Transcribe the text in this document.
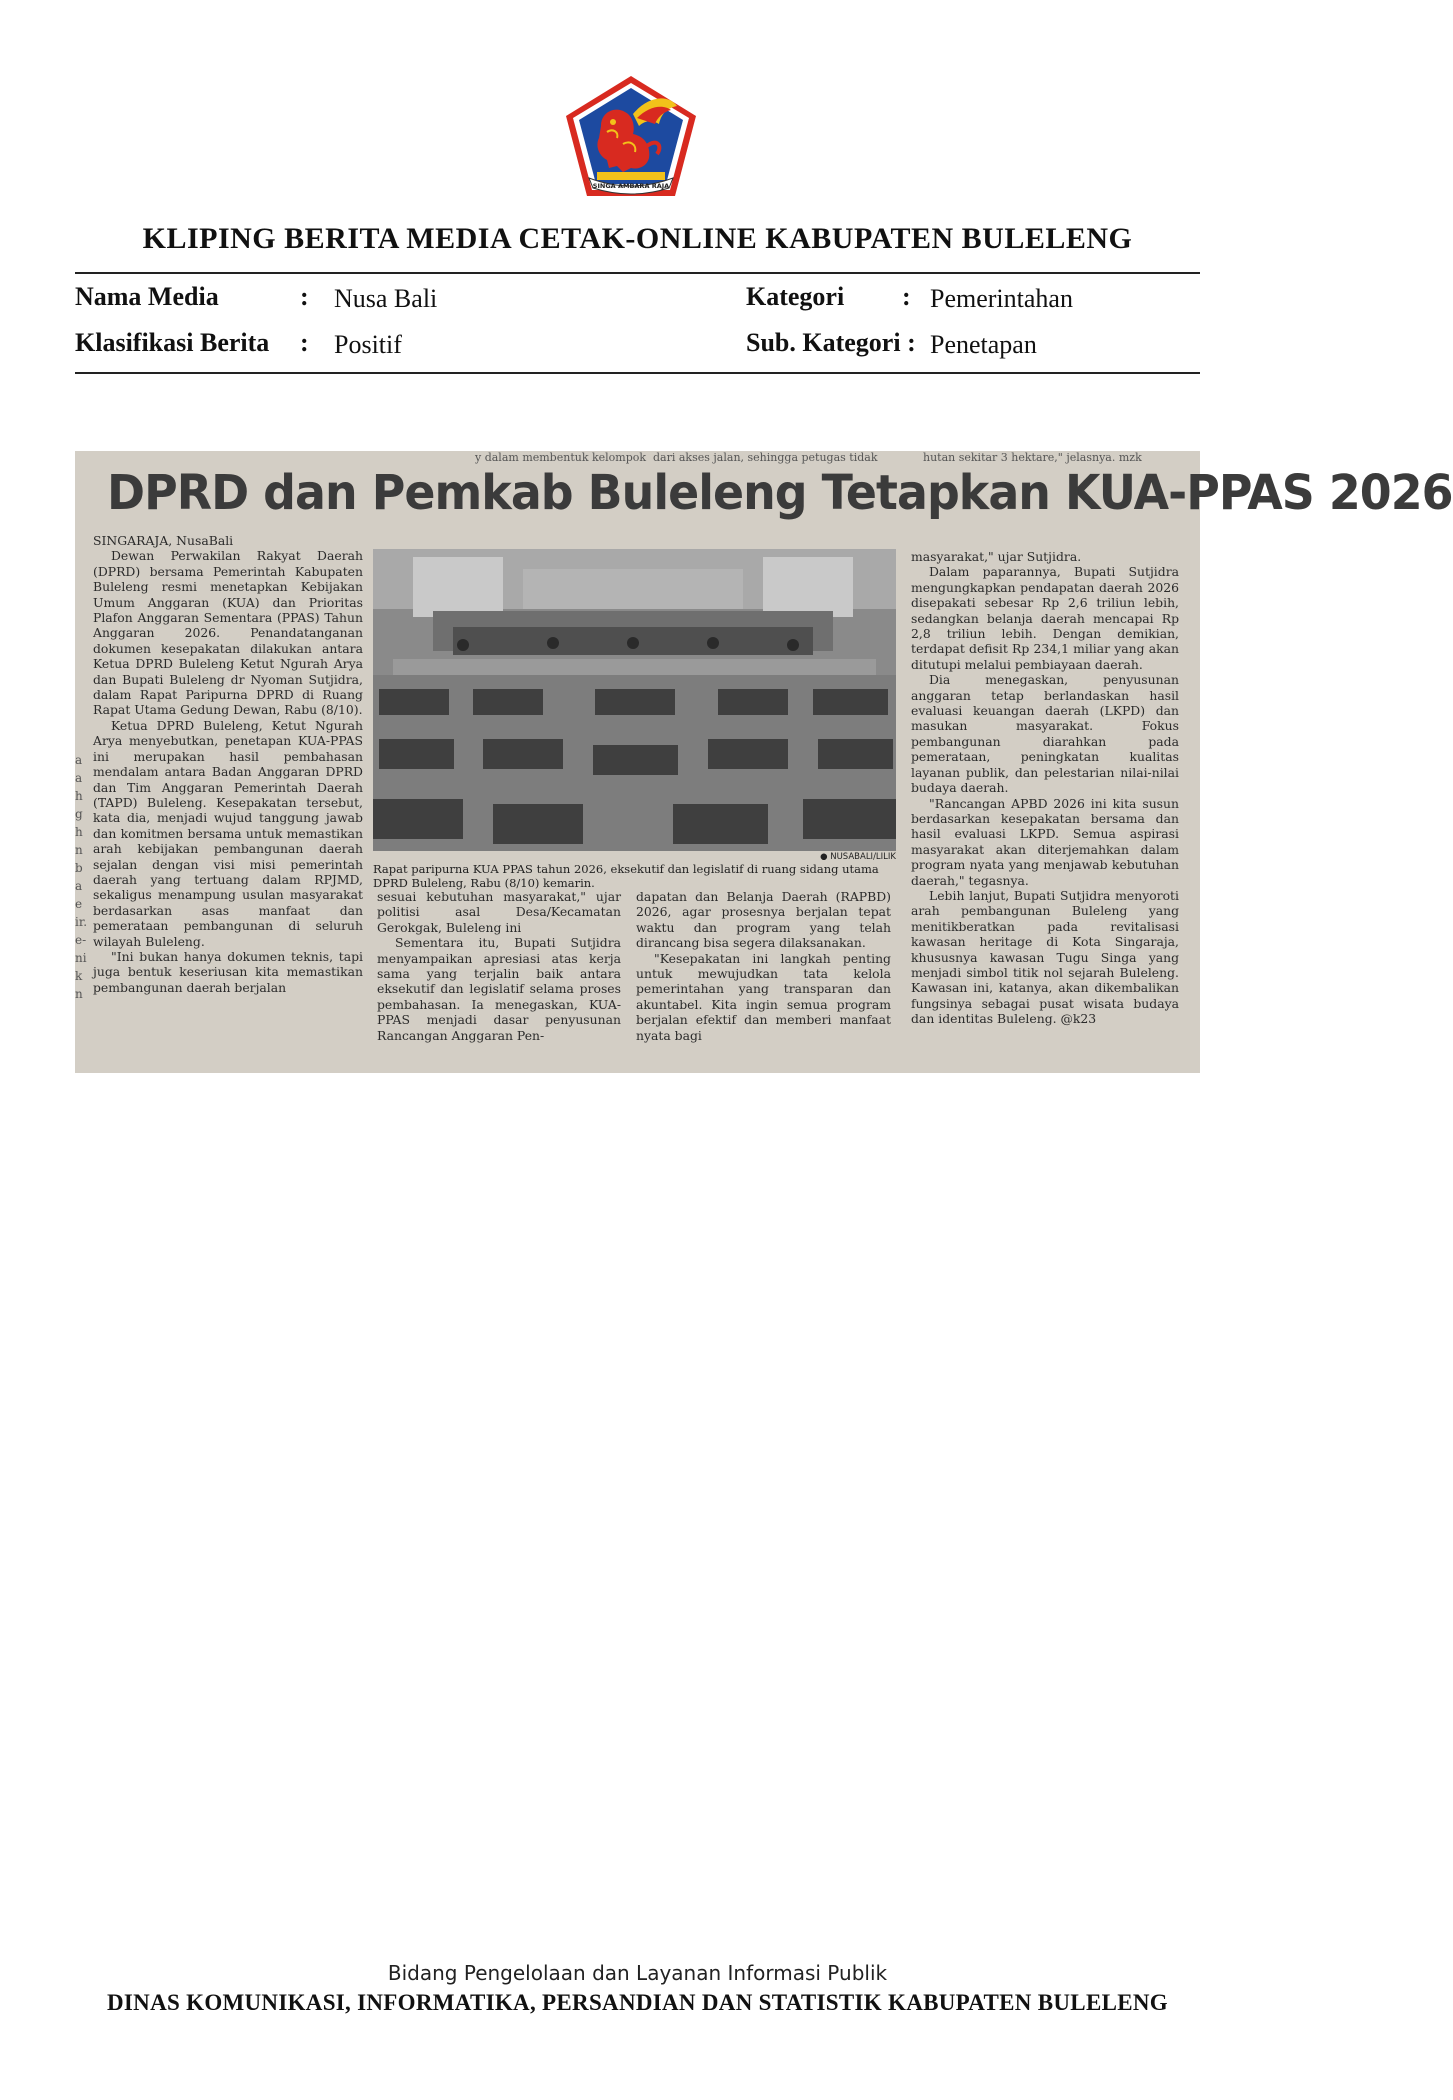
SINGA AMBARA RAJA
KLIPING BERITA MEDIA CETAK-ONLINE KABUPATEN BULELENG
Nama Media	: Nusa Bali
Klasifikasi Berita : Positif
Kategori : Pemerintahan
Sub. Kategori : Penetapan
y dalam membentuk kelompok dari akses jalan, sehingga petugas tidak	hutan sekitar 3 hektare," jelasnya. mzk
DPRD dan Pemkab Buleleng Tetapkan KUA-PPAS 2026
a
a
h
g
h
n
b
a
e
ir.
e-
ni
k
n

SINGARAJA, NusaBali

Dewan Perwakilan Rakyat Daerah (DPRD) bersama Pemerintah Kabupaten Buleleng resmi menetapkan Kebijakan Umum Anggaran (KUA) dan Prioritas Plafon Anggaran Sementara (PPAS) Tahun Anggaran 2026. Penandatanganan dokumen kesepakatan dilakukan antara Ketua DPRD Buleleng Ketut Ngurah Arya dan Bupati Buleleng dr Nyoman Sutjidra, dalam Rapat Paripurna DPRD di Ruang Rapat Utama Gedung Dewan, Rabu (8/10).

Ketua DPRD Buleleng, Ketut Ngurah Arya menyebutkan, penetapan KUA-PPAS ini merupakan hasil pembahasan mendalam antara Badan Anggaran DPRD dan Tim Anggaran Pemerintah Daerah (TAPD) Buleleng. Kesepakatan tersebut, kata dia, menjadi wujud tanggung jawab dan komitmen bersama untuk memastikan arah kebijakan pembangunan daerah sejalan dengan visi misi pemerintah daerah yang tertuang dalam RPJMD, sekaligus menampung usulan masyarakat berdasarkan asas manfaat dan pemerataan pembangunan di seluruh wilayah Buleleng.

"Ini bukan hanya dokumen teknis, tapi juga bentuk keseriusan kita memastikan pembangunan daerah berjalan

● NUSABALI/LILIK
Rapat paripurna KUA PPAS tahun 2026, eksekutif dan legislatif di ruang sidang utama DPRD Buleleng, Rabu (8/10) kemarin.

sesuai kebutuhan masyarakat," ujar politisi asal Desa/Kecamatan Gerokgak, Buleleng ini

Sementara itu, Bupati Sutjidra menyampaikan apresiasi atas kerja sama yang terjalin baik antara eksekutif dan legislatif selama proses pembahasan. Ia menegaskan, KUA-PPAS menjadi dasar penyusunan Rancangan Anggaran Pen-

dapatan dan Belanja Daerah (RAPBD) 2026, agar prosesnya berjalan tepat waktu dan program yang telah dirancang bisa segera dilaksanakan.

"Kesepakatan ini langkah penting untuk mewujudkan tata kelola pemerintahan yang transparan dan akuntabel. Kita ingin semua program berjalan efektif dan memberi manfaat nyata bagi

masyarakat," ujar Sutjidra.

Dalam paparannya, Bupati Sutjidra mengungkapkan pendapatan daerah 2026 disepakati sebesar Rp 2,6 triliun lebih, sedangkan belanja daerah mencapai Rp 2,8 triliun lebih. Dengan demikian, terdapat defisit Rp 234,1 miliar yang akan ditutupi melalui pembiayaan daerah.

Dia menegaskan, penyusunan anggaran tetap berlandaskan hasil evaluasi keuangan daerah (LKPD) dan masukan masyarakat. Fokus pembangunan diarahkan pada pemerataan, peningkatan kualitas layanan publik, dan pelestarian nilai-nilai budaya daerah.

"Rancangan APBD 2026 ini kita susun berdasarkan kesepakatan bersama dan hasil evaluasi LKPD. Semua aspirasi masyarakat akan diterjemahkan dalam program nyata yang menjawab kebutuhan daerah," tegasnya.

Lebih lanjut, Bupati Sutjidra menyoroti arah pembangunan Buleleng yang menitikberatkan pada revitalisasi kawasan heritage di Kota Singaraja, khususnya kawasan Tugu Singa yang menjadi simbol titik nol sejarah Buleleng. Kawasan ini, katanya, akan dikembalikan fungsinya sebagai pusat wisata budaya dan identitas Buleleng. @k23

Bidang Pengelolaan dan Layanan Informasi Publik
DINAS KOMUNIKASI, INFORMATIKA, PERSANDIAN DAN STATISTIK KABUPATEN BULELENG
